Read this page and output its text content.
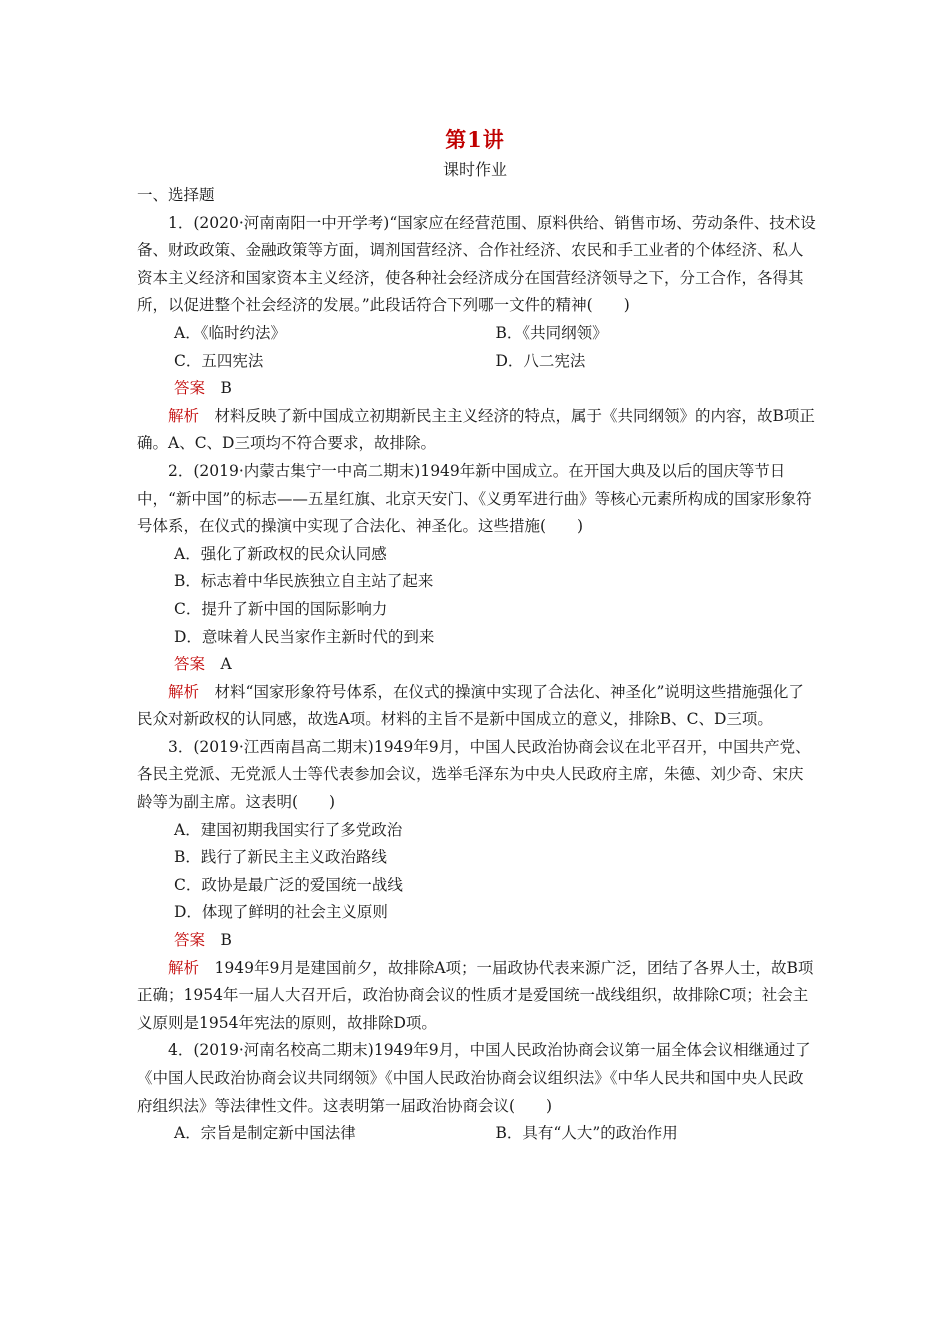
第1讲
课时作业

一、选择题

1．(2020·河南南阳一中开学考)“国家应在经营范围、原料供给、销售市场、劳动条件、技术设备、财政政策、金融政策等方面，调剂国营经济、合作社经济、农民和手工业者的个体经济、私人资本主义经济和国家资本主义经济，使各种社会经济成分在国营经济领导之下，分工合作，各得其所，以促进整个社会经济的发展。”此段话符合下列哪一文件的精神(　　)

A．《临时约法》	B．《共同纲领》
C．五四宪法	D．八二宪法

答案　 B

解析　 材料反映了新中国成立初期新民主主义经济的特点，属于《共同纲领》的内容，故B项正确。A、C、D三项均不符合要求，故排除。

2．(2019·内蒙古集宁一中高二期末)1949年新中国成立。在开国大典及以后的国庆等节日中，“新中国”的标志——五星红旗、北京天安门、《义勇军进行曲》等核心元素所构成的国家形象符号体系，在仪式的操演中实现了合法化、神圣化。这些措施(　　)

A．强化了新政权的民众认同感

B．标志着中华民族独立自主站了起来

C．提升了新中国的国际影响力

D．意味着人民当家作主新时代的到来

答案　 A

解析　 材料“国家形象符号体系，在仪式的操演中实现了合法化、神圣化”说明这些措施强化了民众对新政权的认同感，故选A项。材料的主旨不是新中国成立的意义，排除B、C、D三项。

3．(2019·江西南昌高二期末)1949年9月，中国人民政治协商会议在北平召开，中国共产党、各民主党派、无党派人士等代表参加会议，选举毛泽东为中央人民政府主席，朱德、刘少奇、宋庆龄等为副主席。这表明(　　)

A．建国初期我国实行了多党政治

B．践行了新民主主义政治路线

C．政协是最广泛的爱国统一战线

D．体现了鲜明的社会主义原则

答案　 B

解析　 1949年9月是建国前夕，故排除A项；一届政协代表来源广泛，团结了各界人士，故B项正确；1954年一届人大召开后，政治协商会议的性质才是爱国统一战线组织，故排除C项；社会主义原则是1954年宪法的原则，故排除D项。

4．(2019·河南名校高二期末)1949年9月，中国人民政治协商会议第一届全体会议相继通过了《中国人民政治协商会议共同纲领》《中国人民政治协商会议组织法》《中华人民共和国中央人民政府组织法》等法律性文件。这表明第一届政治协商会议(　　)

A．宗旨是制定新中国法律	B．具有“人大”的政治作用
